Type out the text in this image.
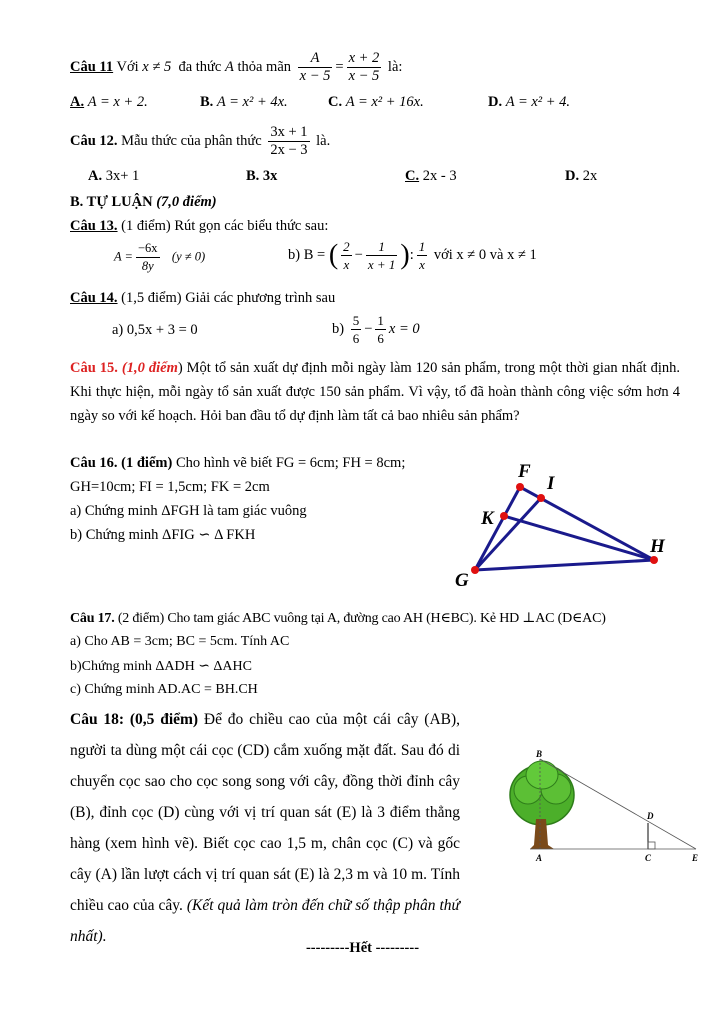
Câu 11 Với x ≠ 5 đa thức A thỏa mãn $\frac{A}{x - 5} = \frac{x + 2}{x - 5}$ là:
A. A = x + 2.	B. A = x² + 4x.	C. A = x² + 16x.	D. A = x² + 4.
Câu 12. Mẫu thức của phân thức $\frac{3x + 1}{2x - 3}$ là.
A. 3x+ 1	B. 3x	C. 2x - 3	D. 2x
B. TỰ LUẬN (7,0 điểm)
Câu 13. (1 điểm) Rút gọn các biểu thức sau:
$A = \frac{-6x}{8y} (y \ne 0)$	b) B = ( $\frac{2}{x} - \frac{1}{x + 1}$ ): $\frac{1}{x}$ với x ≠ 0 và x ≠ 1
Câu 14. (1,5 điểm) Giải các phương trình sau
a) 0,5x + 3 = 0	$b) \frac{5}{6} - \frac{1}{6}$ x = 0
Câu 15. (1,0 điểm) Một tổ sản xuất dự định mỗi ngày làm 120 sản phẩm, trong một thời gian nhất định. Khi thực hiện, mỗi ngày tổ sản xuất được 150 sản phẩm. Vì vậy, tổ đã hoàn thành công việc sớm hơn 4 ngày so với kế hoạch. Hỏi ban đầu tổ dự định làm tất cả bao nhiêu sản phẩm?
Câu 16. (1 điểm) Cho hình vẽ biết FG = 6cm; FH = 8cm;
GH=10cm; FI = 1,5cm; FK = 2cm
a) Chứng minh ΔFGH là tam giác vuông
b) Chứng minh ΔFIG ∽ Δ FKH
F
I
K
H
G
Câu 17. (2 điểm) Cho tam giác ABC vuông tại A, đường cao AH (H∈BC). Kẻ HD ⊥AC (D∈AC)
a) Cho AB = 3cm; BC = 5cm. Tính AC
b)Chứng minh ΔADH ∽ ΔAHC
c) Chứng minh AD.AC = BH.CH
Câu 18: (0,5 điểm) Để đo chiều cao của một cái cây (AB), người ta dùng một cái cọc (CD) cắm xuống mặt đất. Sau đó di chuyển cọc sao cho cọc song song với cây, đồng thời đỉnh cây (B), đỉnh cọc (D) cùng với vị trí quan sát (E) là 3 điểm thẳng hàng (xem hình vẽ). Biết cọc cao 1,5 m, chân cọc (C) và gốc cây (A) lần lượt cách vị trí quan sát (E) là 2,3 m và 10 m. Tính chiều cao của cây. (Kết quả làm tròn đến chữ số thập phân thứ nhất).
B
D
A	C	E
---------Hết ---------
